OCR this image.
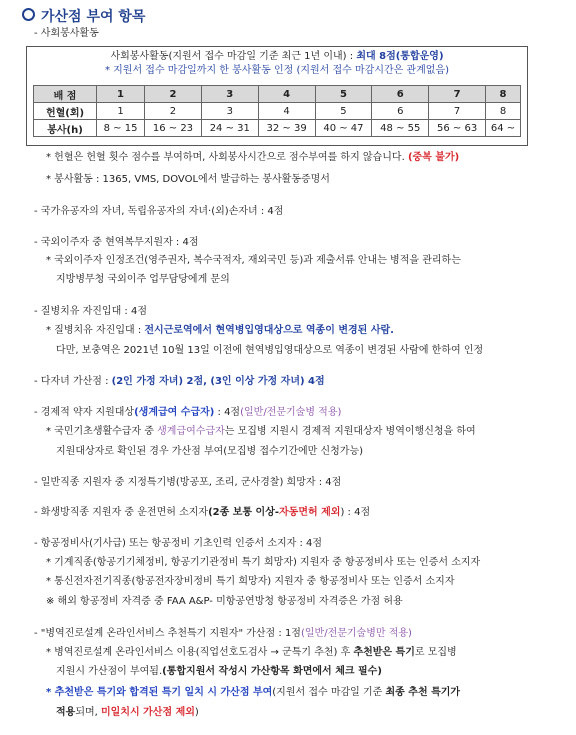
가산점 부여 항목
- 사회봉사활동
사회봉사활동(지원서 접수 마감일 기준 최근 1년 이내) : 최대 8점(통합운영)
* 지원서 접수 마감일까지 한 봉사활동 인정 (지원서 접수 마감시간은 관계없음)
배 점	1	2	3	4	5	6	7	8
헌혈(회)	1	2	3	4	5	6	7	8
봉사(h)	8 ~ 15	16 ~ 23	24 ~ 31	32 ~ 39	40 ~ 47	48 ~ 55	56 ~ 63	64 ~
* 헌혈은 헌혈 횟수 점수를 부여하며, 사회봉사시간으로 점수부여를 하지 않습니다. (중복 불가)
* 봉사활동 : 1365, VMS, DOVOL에서 발급하는 봉사활동증명서
- 국가유공자의 자녀, 독립유공자의 자녀·(외)손자녀 : 4점
- 국외이주자 중 현역복무지원자 : 4점
* 국외이주자 인정조건(영주권자, 복수국적자, 재외국민 등)과 제출서류 안내는 병적을 관리하는
지방병무청 국외이주 업무담당에게 문의
- 질병치유 자진입대 : 4점
* 질병치유 자진입대 : 전시근로역에서 현역병입영대상으로 역종이 변경된 사람.
다만, 보충역은 2021년 10월 13일 이전에 현역병입영대상으로 역종이 변경된 사람에 한하여 인정
- 다자녀 가산점 : (2인 가정 자녀) 2점, (3인 이상 가정 자녀) 4점
- 경제적 약자 지원대상(생계급여 수급자) : 4점(일반/전문기술병 적용)
* 국민기초생활수급자 중 생계급여수급자는 모집병 지원시 경제적 지원대상자 병역이행신청을 하여
지원대상자로 확인된 경우 가산점 부여(모집병 접수기간에만 신청가능)
- 일반직종 지원자 중 지정특기병(방공포, 조리, 군사경찰) 희망자 : 4점
- 화생방직종 지원자 중 운전면허 소지자(2종 보통 이상-자동면허 제외) : 4점
- 항공정비사(기사급) 또는 항공정비 기초인력 인증서 소지자 : 4점
* 기계직종(항공기기체정비, 항공기기관정비 특기 희망자) 지원자 중 항공정비사 또는 인증서 소지자
* 통신전자전기직종(항공전자장비정비 특기 희망자) 지원자 중 항공정비사 또는 인증서 소지자
※ 해외 항공정비 자격증 중 FAA A&P- 미항공연방청 항공정비 자격증은 가점 허용
- "병역진로설계 온라인서비스 추천특기 지원자" 가산점 : 1점(일반/전문기술병만 적용)
* 병역진로설계 온라인서비스 이용(직업선호도검사 → 군특기 추천) 후 추천받은 특기로 모집병
지원시 가산점이 부여됨.(통합지원서 작성시 가산항목 화면에서 체크 필수)
* 추천받은 특기와 합격된 특기 일치 시 가산점 부여(지원서 접수 마감일 기준 최종 추천 특기가
적용되며, 미일치시 가산점 제외)
